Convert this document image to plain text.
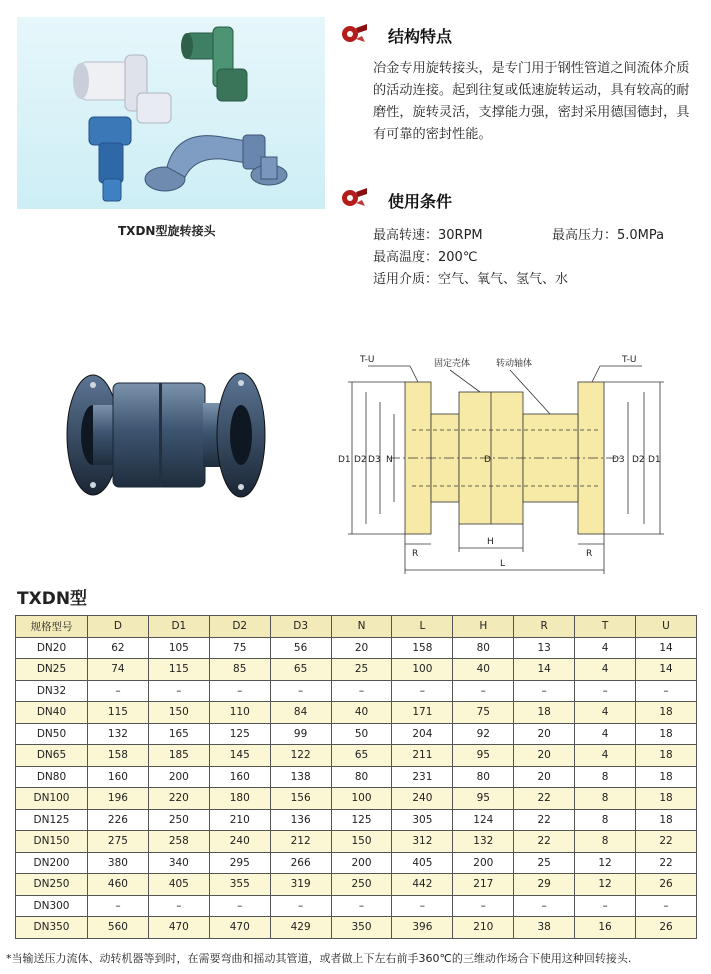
TXDN型旋转接头
结构特点

冶金专用旋转接头，是专门用于钢性管道之间流体介质的活动连接。起到往复或低速旋转运动，具有较高的耐磨性，旋转灵活，支撑能力强，密封采用德国德封，具有可靠的密封性能。

使用条件
最高转速：30RPM	最高压力：5.0MPa
最高温度：200℃
适用介质：空气、氧气、氢气、水
T-U	T-U
固定壳体	转动轴体
D1 D2 D3 N	D	D3 D2 D1
R	R
H
L
TXDN型
规格型号	D	D1	D2	D3	N	L	H	R	T	U
DN20	62	105	75	56	20	158	80	13	4	14
DN25	74	115	85	65	25	100	40	14	4	14
DN32	–	–	–	–	–	–	–	–	–	–
DN40	115	150	110	84	40	171	75	18	4	18
DN50	132	165	125	99	50	204	92	20	4	18
DN65	158	185	145	122	65	211	95	20	4	18
DN80	160	200	160	138	80	231	80	20	8	18
DN100	196	220	180	156	100	240	95	22	8	18
DN125	226	250	210	136	125	305	124	22	8	18
DN150	275	258	240	212	150	312	132	22	8	22
DN200	380	340	295	266	200	405	200	25	12	22
DN250	460	405	355	319	250	442	217	29	12	26
DN300	–	–	–	–	–	–	–	–	–	–
DN350	560	470	470	429	350	396	210	38	16	26
*当输送压力流体、动转机器等到时，在需要弯曲和摇动其管道，或者做上下左右前手360℃的三维动作场合下使用这种回转接头.
